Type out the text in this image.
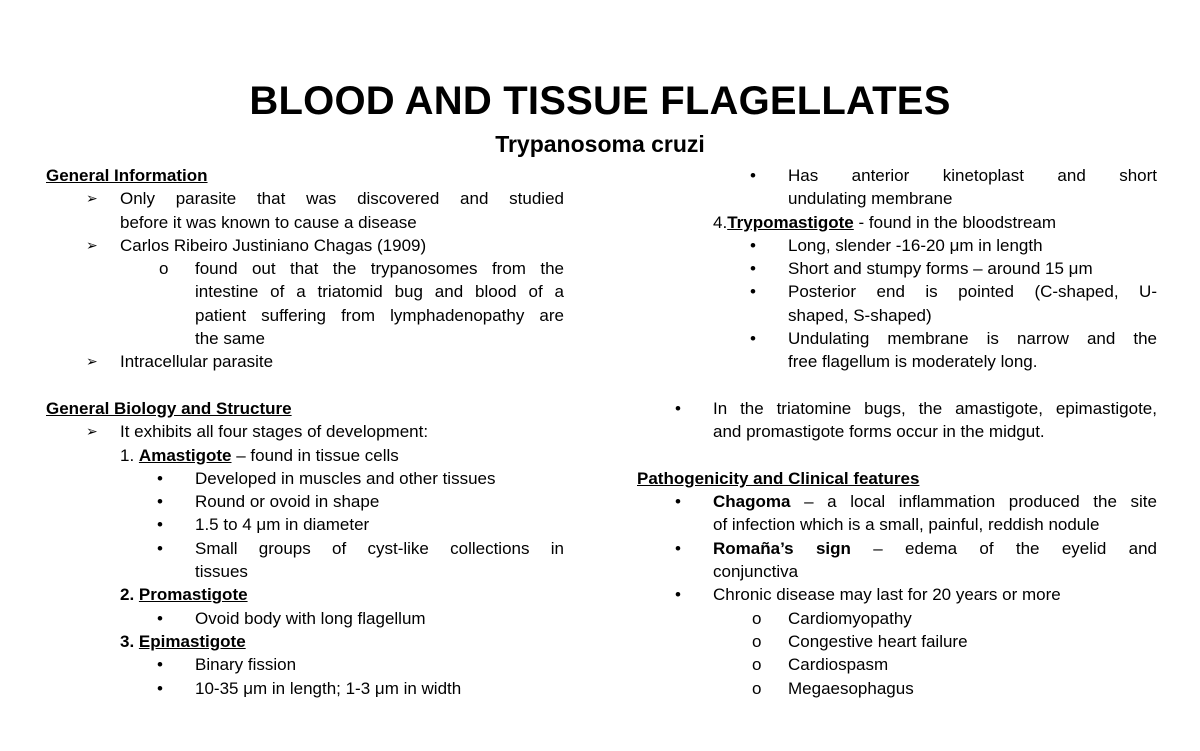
BLOOD AND TISSUE FLAGELLATES
Trypanosoma cruzi
General Information
➢ Only parasite that was discovered and studied
before it was known to cause a disease
➢ Carlos Ribeiro Justiniano Chagas (1909)
o found out that the trypanosomes from the
intestine of a triatomid bug and blood of a
patient suffering from lymphadenopathy are
the same
➢ Intracellular parasite
General Biology and Structure
➢ It exhibits all four stages of development:
1. Amastigote – found in tissue cells
• Developed in muscles and other tissues
• Round or ovoid in shape
• 1.5 to 4 μm in diameter
• Small groups of cyst-like collections in
tissues
2. Promastigote
• Ovoid body with long flagellum
3. Epimastigote
• Binary fission
• 10-35 μm in length; 1-3 μm in width
• Has anterior kinetoplast and short
undulating membrane
4.Trypomastigote - found in the bloodstream
• Long, slender -16-20 μm in length
• Short and stumpy forms – around 15 μm
• Posterior end is pointed (C-shaped, U-
shaped, S-shaped)
• Undulating membrane is narrow and the
free flagellum is moderately long.
• In the triatomine bugs, the amastigote, epimastigote,
and promastigote forms occur in the midgut.
Pathogenicity and Clinical features
• Chagoma – a local inflammation produced the site
of infection which is a small, painful, reddish nodule
• Romaña’s sign – edema of the eyelid and
conjunctiva
• Chronic disease may last for 20 years or more
o Cardiomyopathy
o Congestive heart failure
o Cardiospasm
o Megaesophagus
